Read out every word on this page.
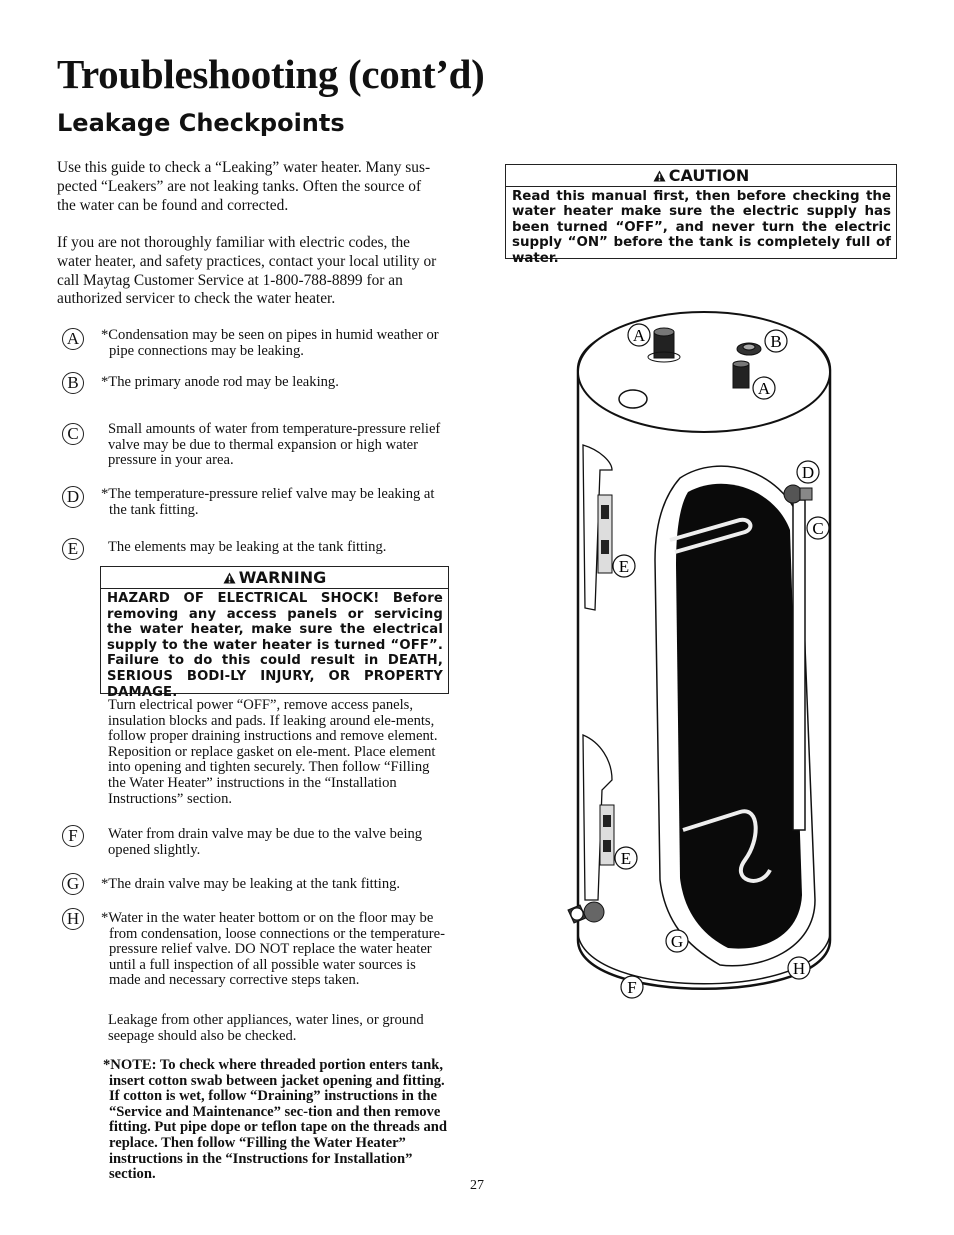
Troubleshooting (cont’d)
Leakage Checkpoints

Use this guide to check a “Leaking” water heater. Many sus-pected “Leakers” are not leaking tanks. Often the source of the water can be found and corrected.

If you are not thoroughly familiar with electric codes, the water heater, and safety practices, contact your local utility or call Maytag Customer Service at 1-800-788-8899 for an authorized servicer to check the water heater.

A	*Condensation may be seen on pipes in humid weather or pipe connections may be leaking.

B	*The primary anode rod may be leaking.

C	Small amounts of water from temperature-pressure relief valve may be due to thermal expansion or high water pressure in your area.

D	*The temperature-pressure relief valve may be leaking at the tank fitting.

E	The elements may be leaking at the tank fitting.

WARNING
HAZARD OF ELECTRICAL SHOCK! Before removing any access panels or servicing the water heater, make sure the electrical supply to the water heater is turned “OFF”. Failure to do this could result in DEATH, SERIOUS BODI-LY INJURY, OR PROPERTY DAMAGE.

Turn electrical power “OFF”, remove access panels, insulation blocks and pads. If leaking around ele-ments, follow proper draining instructions and remove element. Reposition or replace gasket on ele-ment. Place element into opening and tighten securely. Then follow “Filling the Water Heater” instructions in the “Installation Instructions” section.

F	Water from drain valve may be due to the valve being opened slightly.

G	*The drain valve may be leaking at the tank fitting.

H	*Water in the water heater bottom or on the floor may be from condensation, loose connections or the temperature-pressure relief valve. DO NOT replace the water heater until a full inspection of all possible water sources is made and necessary corrective steps taken.

Leakage from other appliances, water lines, or ground seepage should also be checked.

*NOTE: To check where threaded portion enters tank, insert cotton swab between jacket opening and fitting. If cotton is wet, follow “Draining” instructions in the “Service and Maintenance” sec-tion and then remove fitting. Put pipe dope or teflon tape on the threads and replace. Then follow “Filling the Water Heater” instructions in the “Instructions for Installation” section.

27
CAUTION
Read this manual first, then before checking the water heater make sure the electric supply has been turned “OFF”, and never turn the electric supply “ON” before the tank is completely full of water.
A	B
A
D
C
E
E
G
H
F
